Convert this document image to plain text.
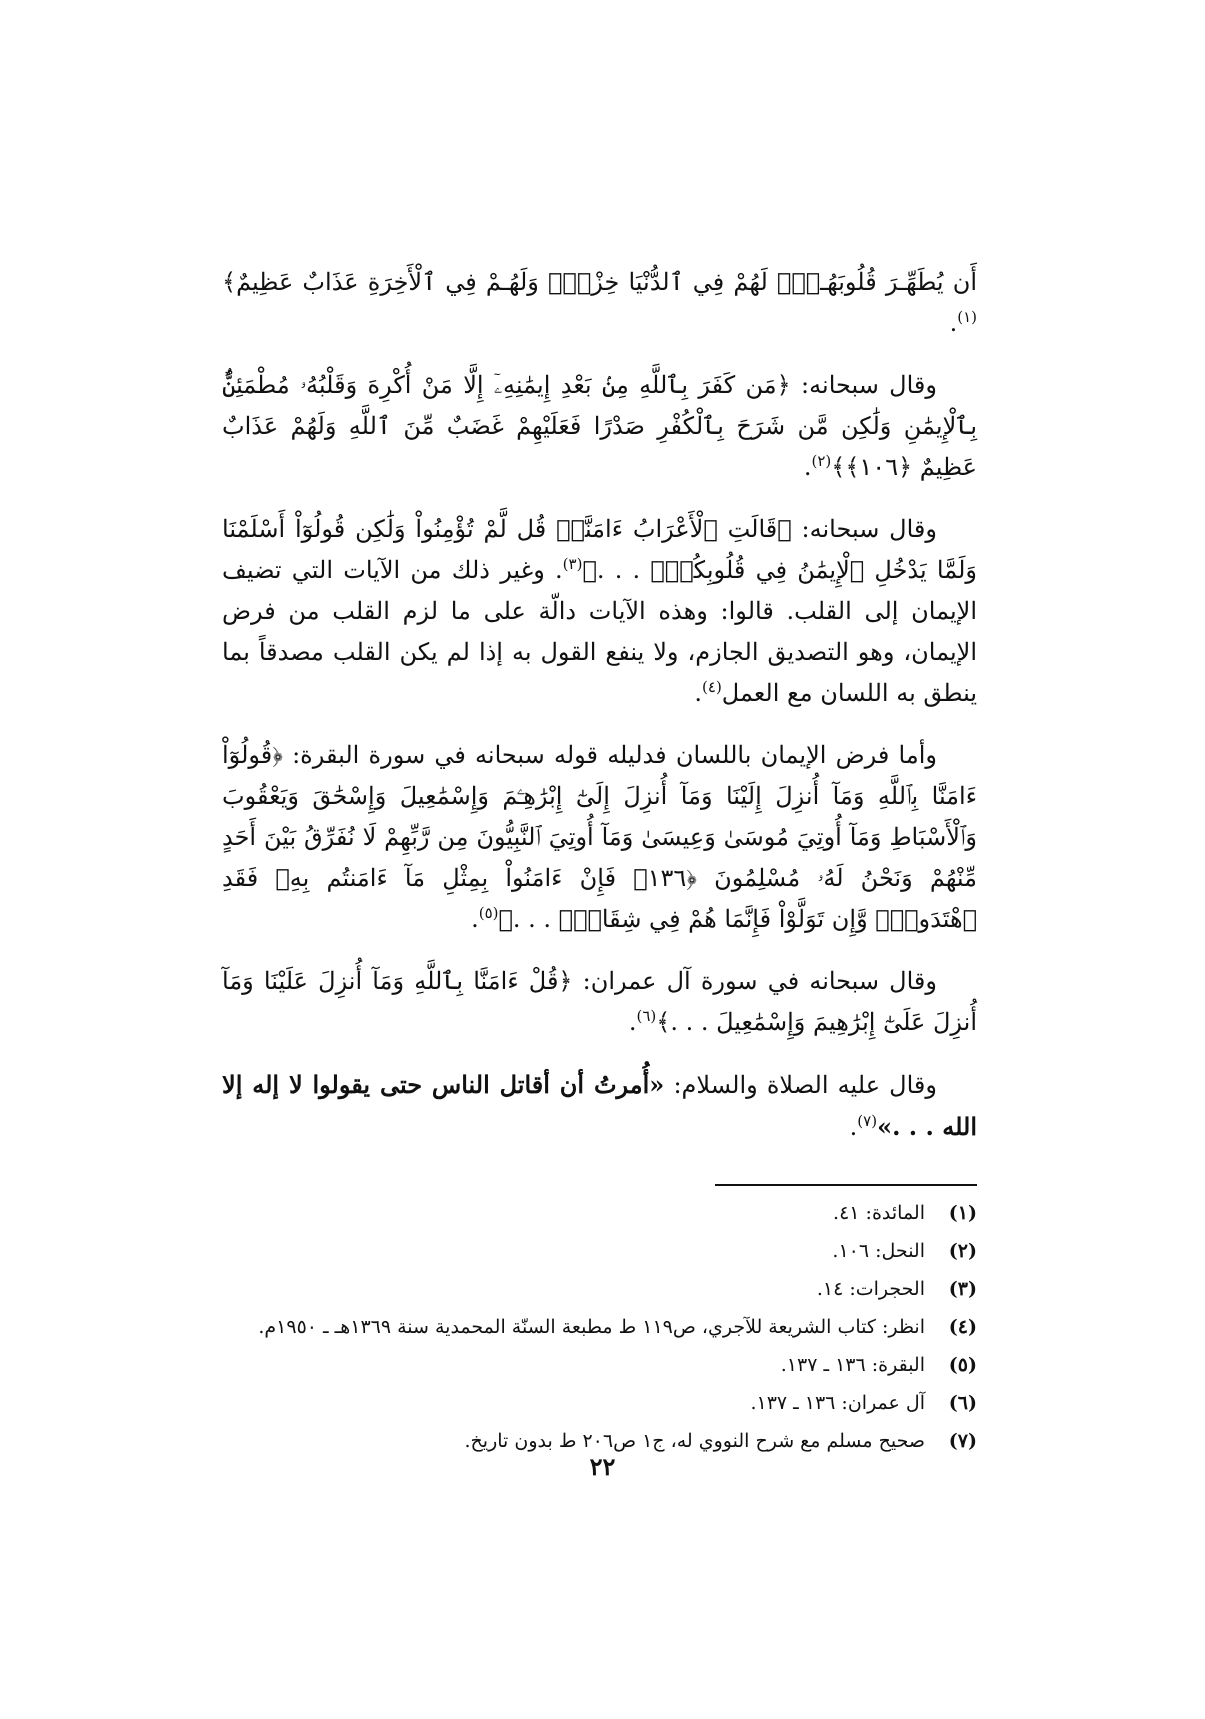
أَن يُطَهِّـرَ قُلُوبَهُـمْۚ لَهُمْ فِي ٱلدُّنْيَا خِزْيٌۖ وَلَهُـمْ فِي ٱلْأَخِرَةِ عَذَابٌ عَظِيمٌ﴾$^{(١)}$.

وقال سبحانه: ﴿مَن كَفَرَ بِٱللَّهِ مِنۢ بَعْدِ إِيمَٰنِهِۦٓ إِلَّا مَنْ أُكْرِهَ وَقَلْبُهُۥ مُطْمَئِنٌّۢ بِٱلْإِيمَٰنِ وَلَٰكِن مَّن شَرَحَ بِٱلْكُفْرِ صَدْرًا فَعَلَيْهِمْ غَضَبٌ مِّنَ ٱللَّهِ وَلَهُمْ عَذَابٌ عَظِيمٌ ﴿١٠٦﴾﴾$^{(٢)}$.

وقال سبحانه: ﴿قَالَتِ ٱلْأَعْرَابُ ءَامَنَّاۖ قُل لَّمْ تُؤْمِنُواْ وَلَٰكِن قُولُوٓاْ أَسْلَمْنَا وَلَمَّا يَدْخُلِ ٱلْإِيمَٰنُ فِي قُلُوبِكُمْۖ . . .﴾$^{(٣)}$. وغير ذلك من الآيات التي تضيف الإيمان إلى القلب. قالوا: وهذه الآيات دالّة على ما لزم القلب من فرض الإيمان، وهو التصديق الجازم، ولا ينفع القول به إذا لم يكن القلب مصدقاً بما ينطق به اللسان مع العمل$^{(٤)}$.

وأما فرض الإيمان باللسان فدليله قوله سبحانه في سورة البقرة: ﴿قُولُوٓاْ ءَامَنَّا بِٱللَّهِ وَمَآ أُنزِلَ إِلَيْنَا وَمَآ أُنزِلَ إِلَىٰٓ إِبْرَٰهِـۧمَ وَإِسْمَٰعِيلَ وَإِسْحَٰقَ وَيَعْقُوبَ وَٱلْأَسْبَاطِ وَمَآ أُوتِيَ مُوسَىٰ وَعِيسَىٰ وَمَآ أُوتِيَ ٱلنَّبِيُّونَ مِن رَّبِّهِمْ لَا نُفَرِّقُ بَيْنَ أَحَدٍ مِّنْهُمْ وَنَحْنُ لَهُۥ مُسْلِمُونَ ﴿١٣٦﴾ فَإِنْ ءَامَنُواْ بِمِثْلِ مَآ ءَامَنتُم بِهِۦ فَقَدِ ٱهْتَدَواْۖ وَّإِن تَوَلَّوْاْ فَإِنَّمَا هُمْ فِي شِقَاقٍۖ . . .﴾$^{(٥)}$.

وقال سبحانه في سورة آل عمران: ﴿قُلْ ءَامَنَّا بِٱللَّهِ وَمَآ أُنزِلَ عَلَيْنَا وَمَآ أُنزِلَ عَلَىٰٓ إِبْرَٰهِيمَ وَإِسْمَٰعِيلَ . . .﴾$^{(٦)}$.

وقال عليه الصلاة والسلام: «أُمرتُ أن أقاتل الناس حتى يقولوا لا إله إلا الله . . .»$^{(٧)}$.

(١)
المائدة: ٤١.
(٢)
النحل: ١٠٦.
(٣)
الحجرات: ١٤.
(٤)
انظر: كتاب الشريعة للآجري، ص١١٩ ط مطبعة السنّة المحمدية سنة ١٣٦٩هـ ـ ١٩٥٠م.
(٥)
البقرة: ١٣٦ ـ ١٣٧.
(٦)
آل عمران: ١٣٦ ـ ١٣٧.
(٧)
صحيح مسلم مع شرح النووي له، ج١ ص٢٠٦ ط بدون تاريخ.
٢٢
